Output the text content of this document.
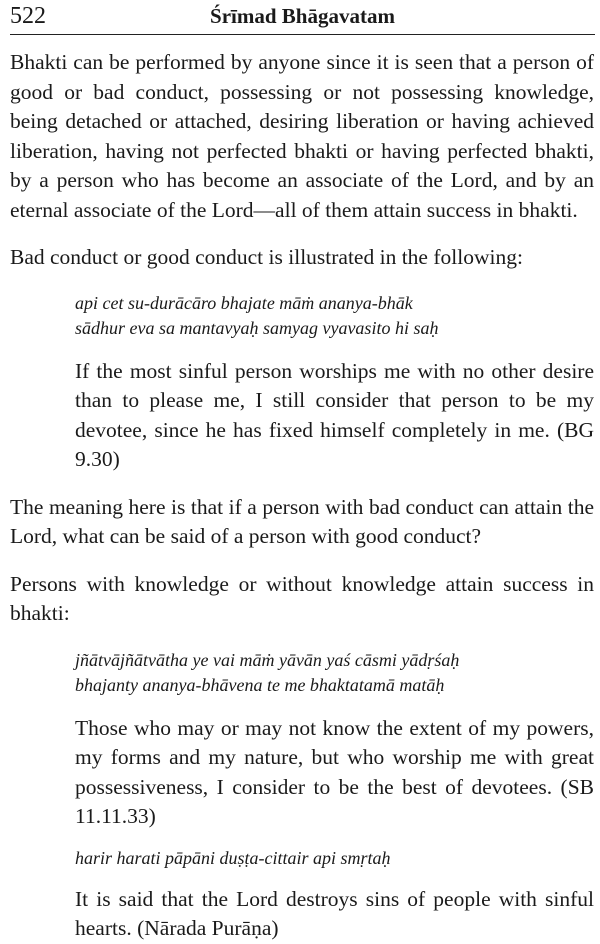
522	Śrīmad Bhāgavatam

Bhakti can be performed by anyone since it is seen that a person of good or bad conduct, possessing or not possessing knowledge, being detached or attached, desiring liberation or having achieved liberation, having not perfected bhakti or having perfected bhakti, by a person who has become an associate of the Lord, and by an eternal associate of the Lord—all of them attain success in bhakti.

Bad conduct or good conduct is illustrated in the following:

api cet su-durācāro bhajate māṁ ananya-bhāk
sādhur eva sa mantavyaḥ samyag vyavasito hi saḥ
If the most sinful person worships me with no other desire than to please me, I still consider that person to be my devotee, since he has fixed himself completely in me. (BG 9.30)

The meaning here is that if a person with bad conduct can attain the Lord, what can be said of a person with good conduct?

Persons with knowledge or without knowledge attain success in bhakti:

jñātvājñātvātha ye vai māṁ yāvān yaś cāsmi yādṛśaḥ
bhajanty ananya-bhāvena te me bhaktatamā matāḥ
Those who may or may not know the extent of my powers, my forms and my nature, but who worship me with great possessiveness, I consider to be the best of devotees. (SB 11.11.33)
harir harati pāpāni duṣṭa-cittair api smṛtaḥ
It is said that the Lord destroys sins of people with sinful hearts. (Nārada Purāṇa)
